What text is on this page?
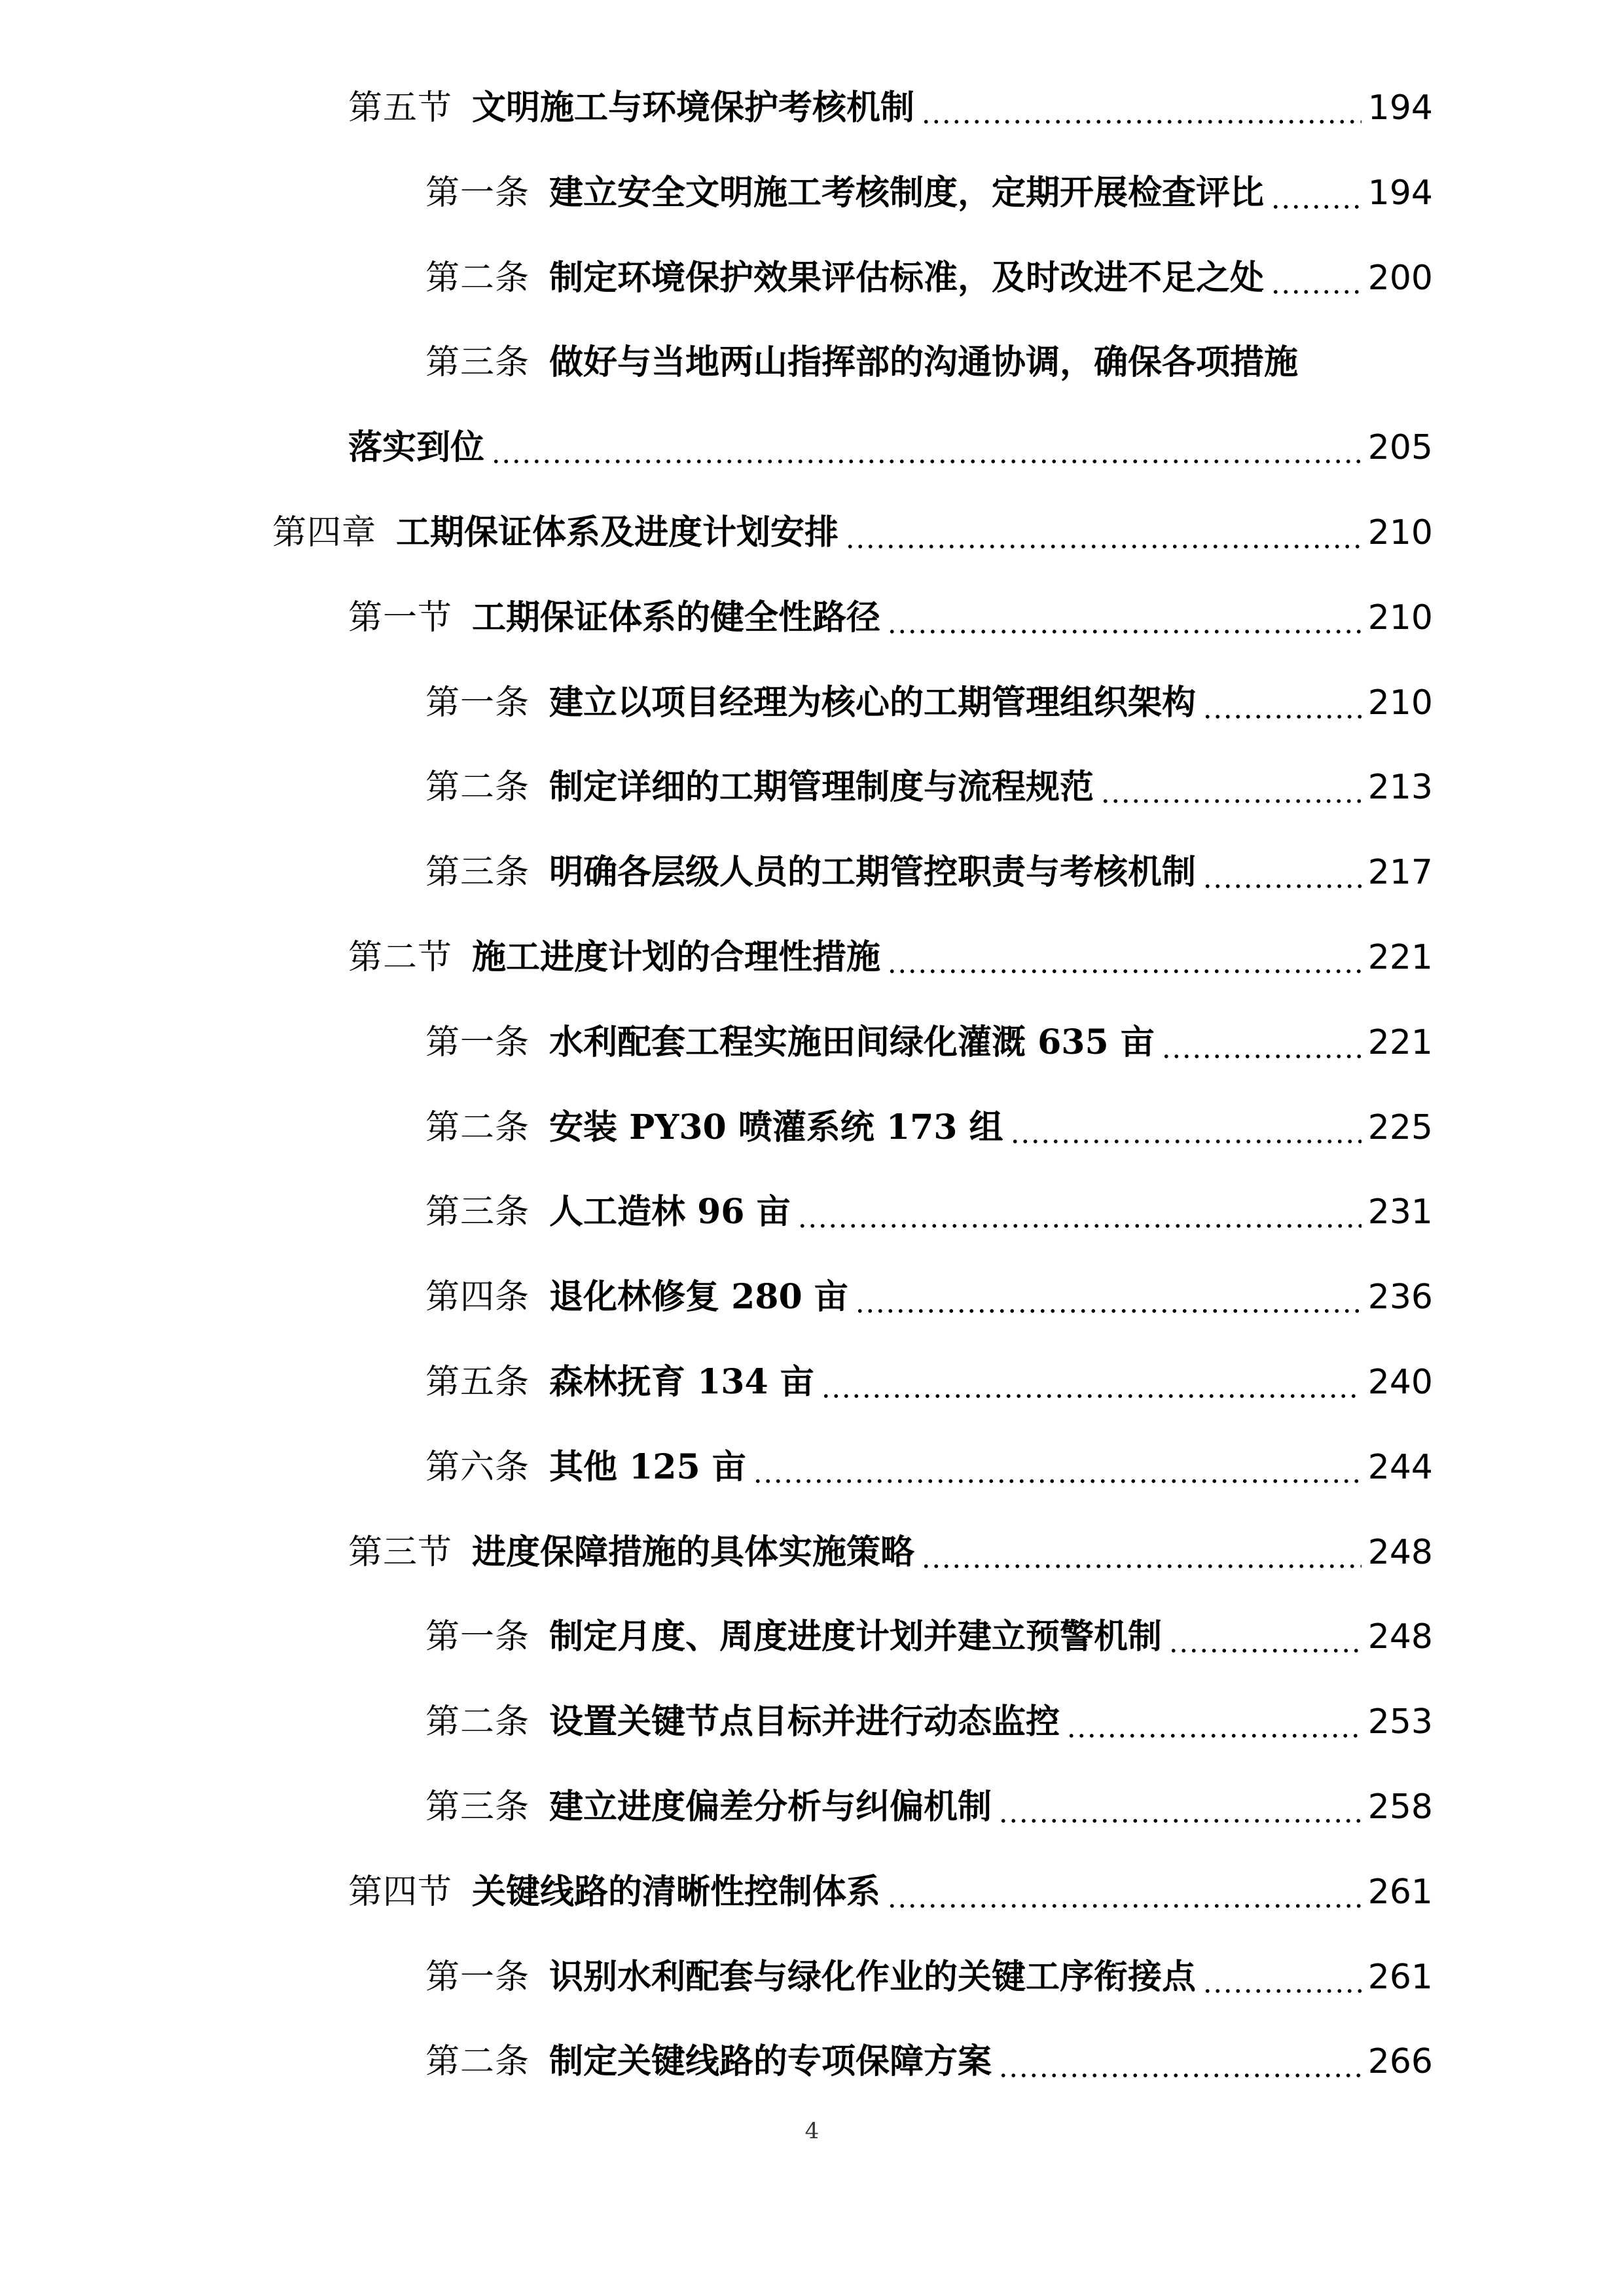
第五节 文明施工与环境保护考核机制	194
第一条 建立安全文明施工考核制度，定期开展检查评比	194
第二条 制定环境保护效果评估标准，及时改进不足之处	200
第三条 做好与当地两山指挥部的沟通协调，确保各项措施
落实到位	205
第四章 工期保证体系及进度计划安排	210
第一节 工期保证体系的健全性路径	210
第一条 建立以项目经理为核心的工期管理组织架构	210
第二条 制定详细的工期管理制度与流程规范	213
第三条 明确各层级人员的工期管控职责与考核机制	217
第二节 施工进度计划的合理性措施	221
第一条 水利配套工程实施田间绿化灌溉 635 亩	221
第二条 安装 PY30 喷灌系统 173 组	225
第三条 人工造林 96 亩	231
第四条 退化林修复 280 亩	236
第五条 森林抚育 134 亩	240
第六条 其他 125 亩	244
第三节 进度保障措施的具体实施策略	248
第一条 制定月度、周度进度计划并建立预警机制	248
第二条 设置关键节点目标并进行动态监控	253
第三条 建立进度偏差分析与纠偏机制	258
第四节 关键线路的清晰性控制体系	261
第一条 识别水利配套与绿化作业的关键工序衔接点	261
第二条 制定关键线路的专项保障方案	266
4
